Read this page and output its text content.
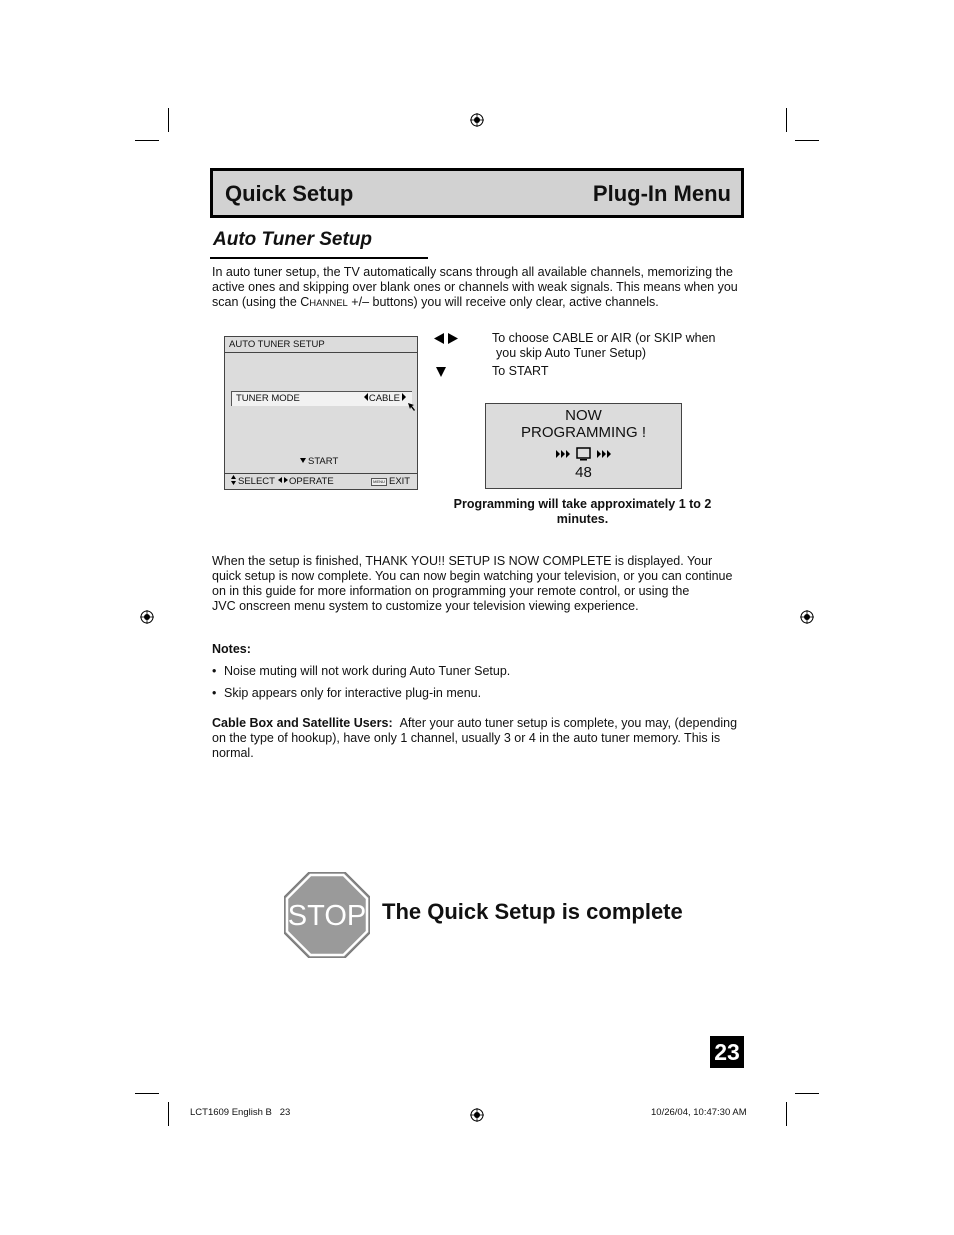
Quick Setup	Plug-In Menu
Auto Tuner Setup
In auto tuner setup, the TV automatically scans through all available channels, memorizing the active ones and skipping over blank ones or channels with weak signals. This means when you scan (using the CHANNEL +/– buttons) you will receive only clear, active channels.
AUTO TUNER SETUP
TUNER MODE	CABLE
START
SELECT OPERATE	MENU EXIT
To choose CABLE or AIR (or SKIP when
you skip Auto Tuner Setup)
To START
NOW
PROGRAMMING !
48
Programming will take approximately 1 to 2
minutes.
When the setup is finished, THANK YOU!! SETUP IS NOW COMPLETE is displayed. Your
quick setup is now complete. You can now begin watching your television, or you can continue
on in this guide for more information on programming your remote control, or using the
JVC onscreen menu system to customize your television viewing experience.
Notes:
• Noise muting will not work during Auto Tuner Setup.
• Skip appears only for interactive plug-in menu.
Cable Box and Satellite Users: After your auto tuner setup is complete, you may, (depending
on the type of hookup), have only 1 channel, usually 3 or 4 in the auto tuner memory. This is
normal.
STOP The Quick Setup is complete
23
LCT1609 English B   23	10/26/04, 10:47:30 AM
